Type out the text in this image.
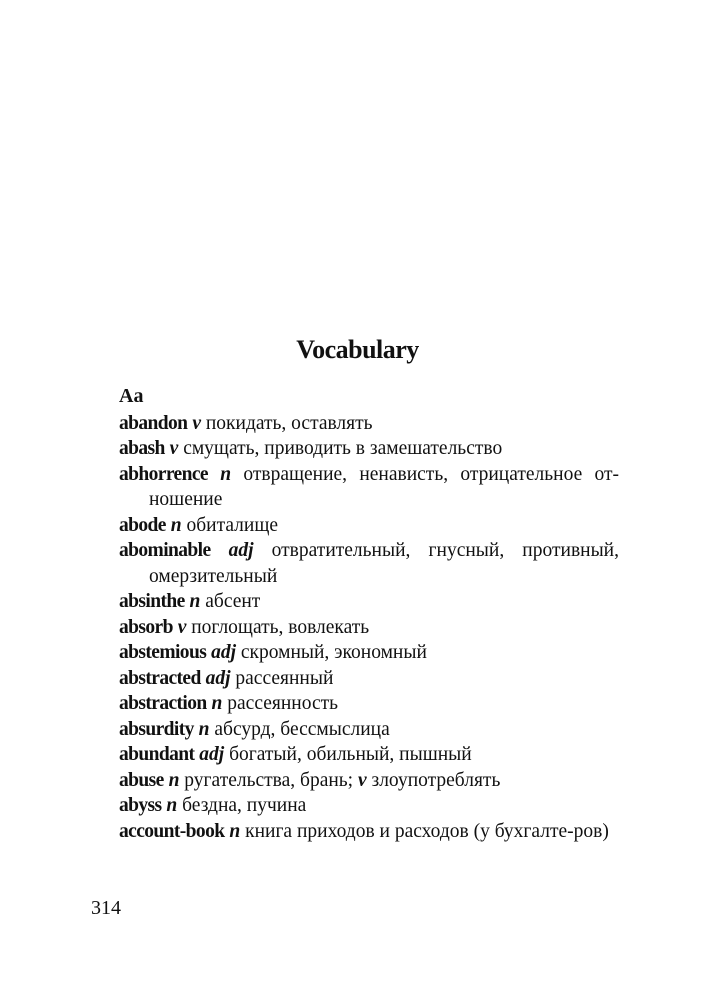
Vocabulary
Aa

abandon v покидать, оставлять

abash v смущать, приводить в замешательство

abhorrence n отвращение, ненависть, отрицательное от-ношение

abode n обиталище

abominable adj отвратительный, гнусный, противный, омерзительный

absinthe n абсент

absorb v поглощать, вовлекать

abstemious adj скромный, экономный

abstracted adj рассеянный

abstraction n рассеянность

absurdity n абсурд, бессмыслица

abundant adj богатый, обильный, пышный

abuse n ругательства, брань; v злоупотреблять

abyss n бездна, пучина

account-book n книга приходов и расходов (у бухгалте-ров)

314
